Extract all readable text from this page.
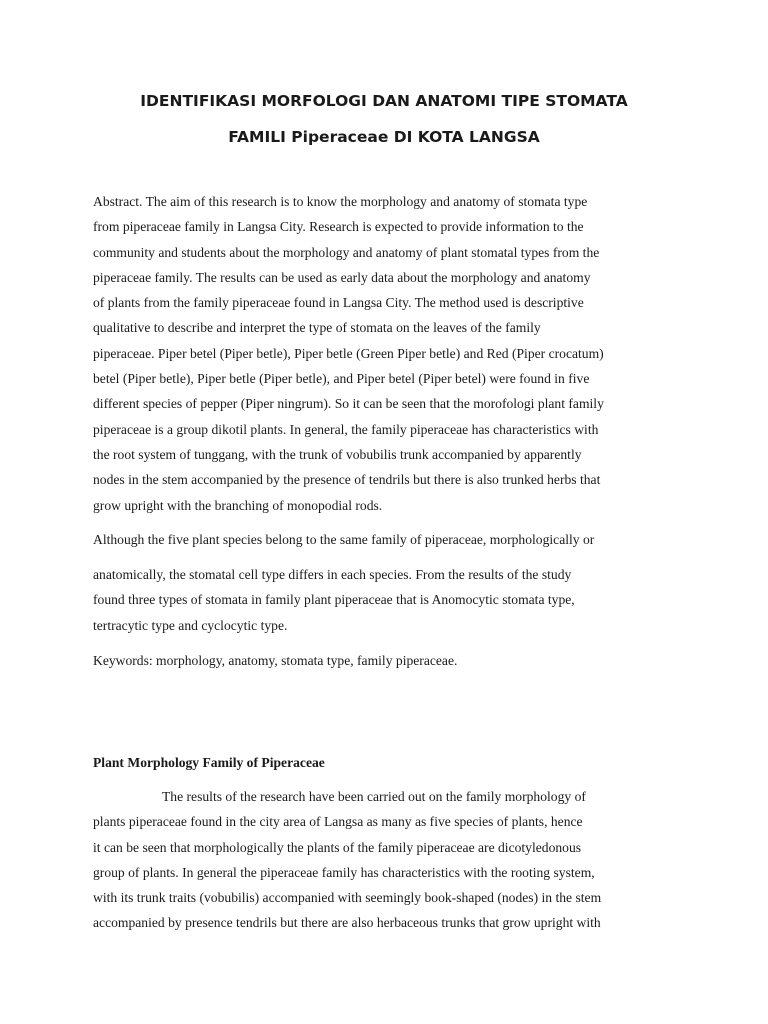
IDENTIFIKASI MORFOLOGI DAN ANATOMI TIPE STOMATA
FAMILI Piperaceae DI KOTA LANGSA
Abstract. The aim of this research is to know the morphology and anatomy of stomata type
from piperaceae family in Langsa City. Research is expected to provide information to the
community and students about the morphology and anatomy of plant stomatal types from the
piperaceae family. The results can be used as early data about the morphology and anatomy
of plants from the family piperaceae found in Langsa City. The method used is descriptive
qualitative to describe and interpret the type of stomata on the leaves of the family
piperaceae. Piper betel (Piper betle), Piper betle (Green Piper betle) and Red (Piper crocatum)
betel (Piper betle), Piper betle (Piper betle), and Piper betel (Piper betel) were found in five
different species of pepper (Piper ningrum). So it can be seen that the morofologi plant family
piperaceae is a group dikotil plants. In general, the family piperaceae has characteristics with
the root system of tunggang, with the trunk of vobubilis trunk accompanied by apparently
nodes in the stem accompanied by the presence of tendrils but there is also trunked herbs that
grow upright with the branching of monopodial rods.
Although the five plant species belong to the same family of piperaceae, morphologically or
anatomically, the stomatal cell type differs in each species. From the results of the study
found three types of stomata in family plant piperaceae that is Anomocytic stomata type,
tertracytic type and cyclocytic type.
Keywords: morphology, anatomy, stomata type, family piperaceae.
Plant Morphology Family of Piperaceae
The results of the research have been carried out on the family morphology of
plants piperaceae found in the city area of Langsa as many as five species of plants, hence
it can be seen that morphologically the plants of the family piperaceae are dicotyledonous
group of plants. In general the piperaceae family has characteristics with the rooting system,
with its trunk traits (vobubilis) accompanied with seemingly book-shaped (nodes) in the stem
accompanied by presence tendrils but there are also herbaceous trunks that grow upright with
